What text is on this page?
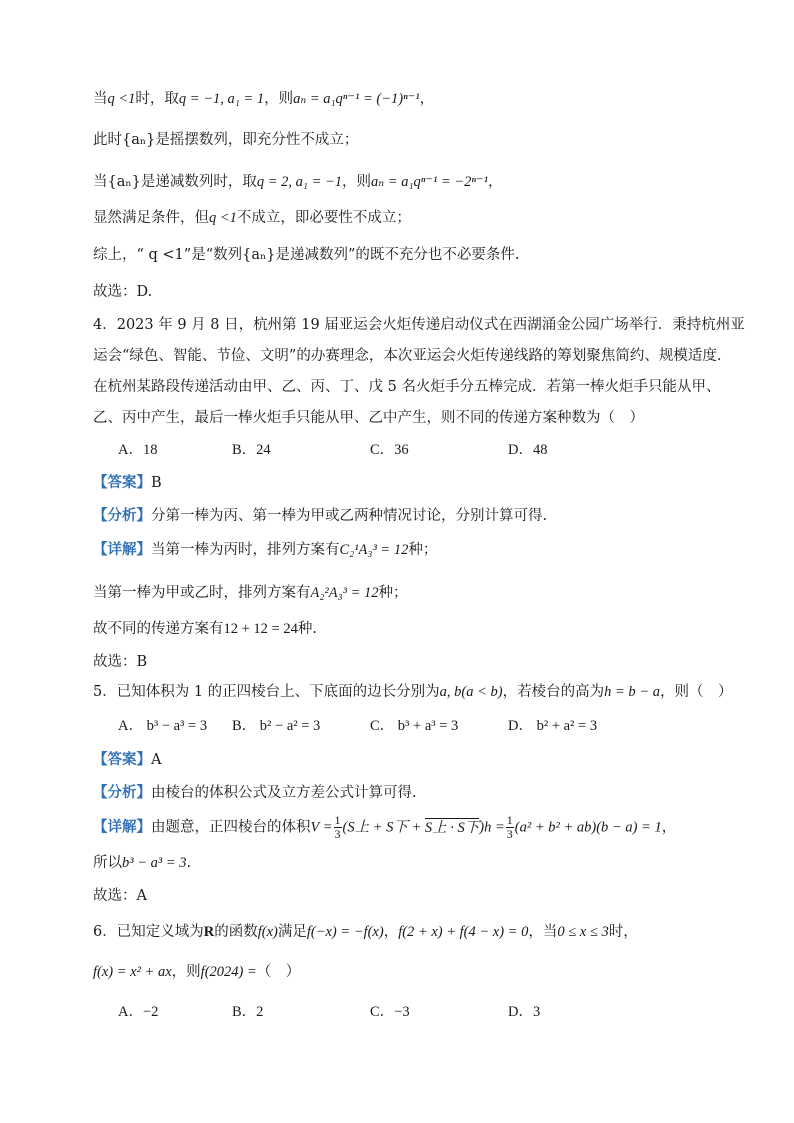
当q <1时，取q = −1, a₁ = 1，则aₙ = a₁qⁿ⁻¹ = (−1)ⁿ⁻¹，
此时{aₙ}是摇摆数列，即充分性不成立；
当{aₙ}是递减数列时，取q = 2, a₁ = −1，则aₙ = a₁qⁿ⁻¹ = −2ⁿ⁻¹，
显然满足条件，但q <1不成立，即必要性不成立；
综上，“ q <1”是“数列{aₙ}是递减数列”的既不充分也不必要条件.
故选：D.
4．2023 年 9 月 8 日，杭州第 19 届亚运会火炬传递启动仪式在西湖涌金公园广场举行．秉持杭州亚
运会“绿色、智能、节俭、文明”的办赛理念，本次亚运会火炬传递线路的筹划聚焦简约、规模适度．
在杭州某路段传递活动由甲、乙、丙、丁、戊 5 名火炬手分五棒完成．若第一棒火炬手只能从甲、
乙、丙中产生，最后一棒火炬手只能从甲、乙中产生，则不同的传递方案种数为（　）
A．18	B．24	C．36	D．48
【答案】B
【分析】分第一棒为丙、第一棒为甲或乙两种情况讨论，分别计算可得.
【详解】当第一棒为丙时，排列方案有C₂¹A₃³ = 12种；
当第一棒为甲或乙时，排列方案有A₂²A₃³ = 12种；
故不同的传递方案有12 + 12 = 24种.
故选：B
5．已知体积为 1 的正四棱台上、下底面的边长分别为a, b(a < b)，若棱台的高为h = b − a，则（　）
A． b³ − a³ = 3 B． b² − a² = 3	C． b³ + a³ = 3	D． b² + a² = 3
【答案】A
【分析】由棱台的体积公式及立方差公式计算可得.
【详解】由题意，正四棱台的体积$V = \frac{1}{3} (S$上 + S下 + S上 · S下)$h = \frac{1}{3} (a^2 + b^2 + ab)(b - a) = 1$，
所以b³ − a³ = 3.
故选：A
6．已知定义域为R的函数f(x)满足f(−x) = −f(x)，f(2 + x) + f(4 − x) = 0，当0 ≤ x ≤ 3时，
f(x) = x² + ax，则f(2024) =（　）
A．−2	B．2	C．−3	D．3
